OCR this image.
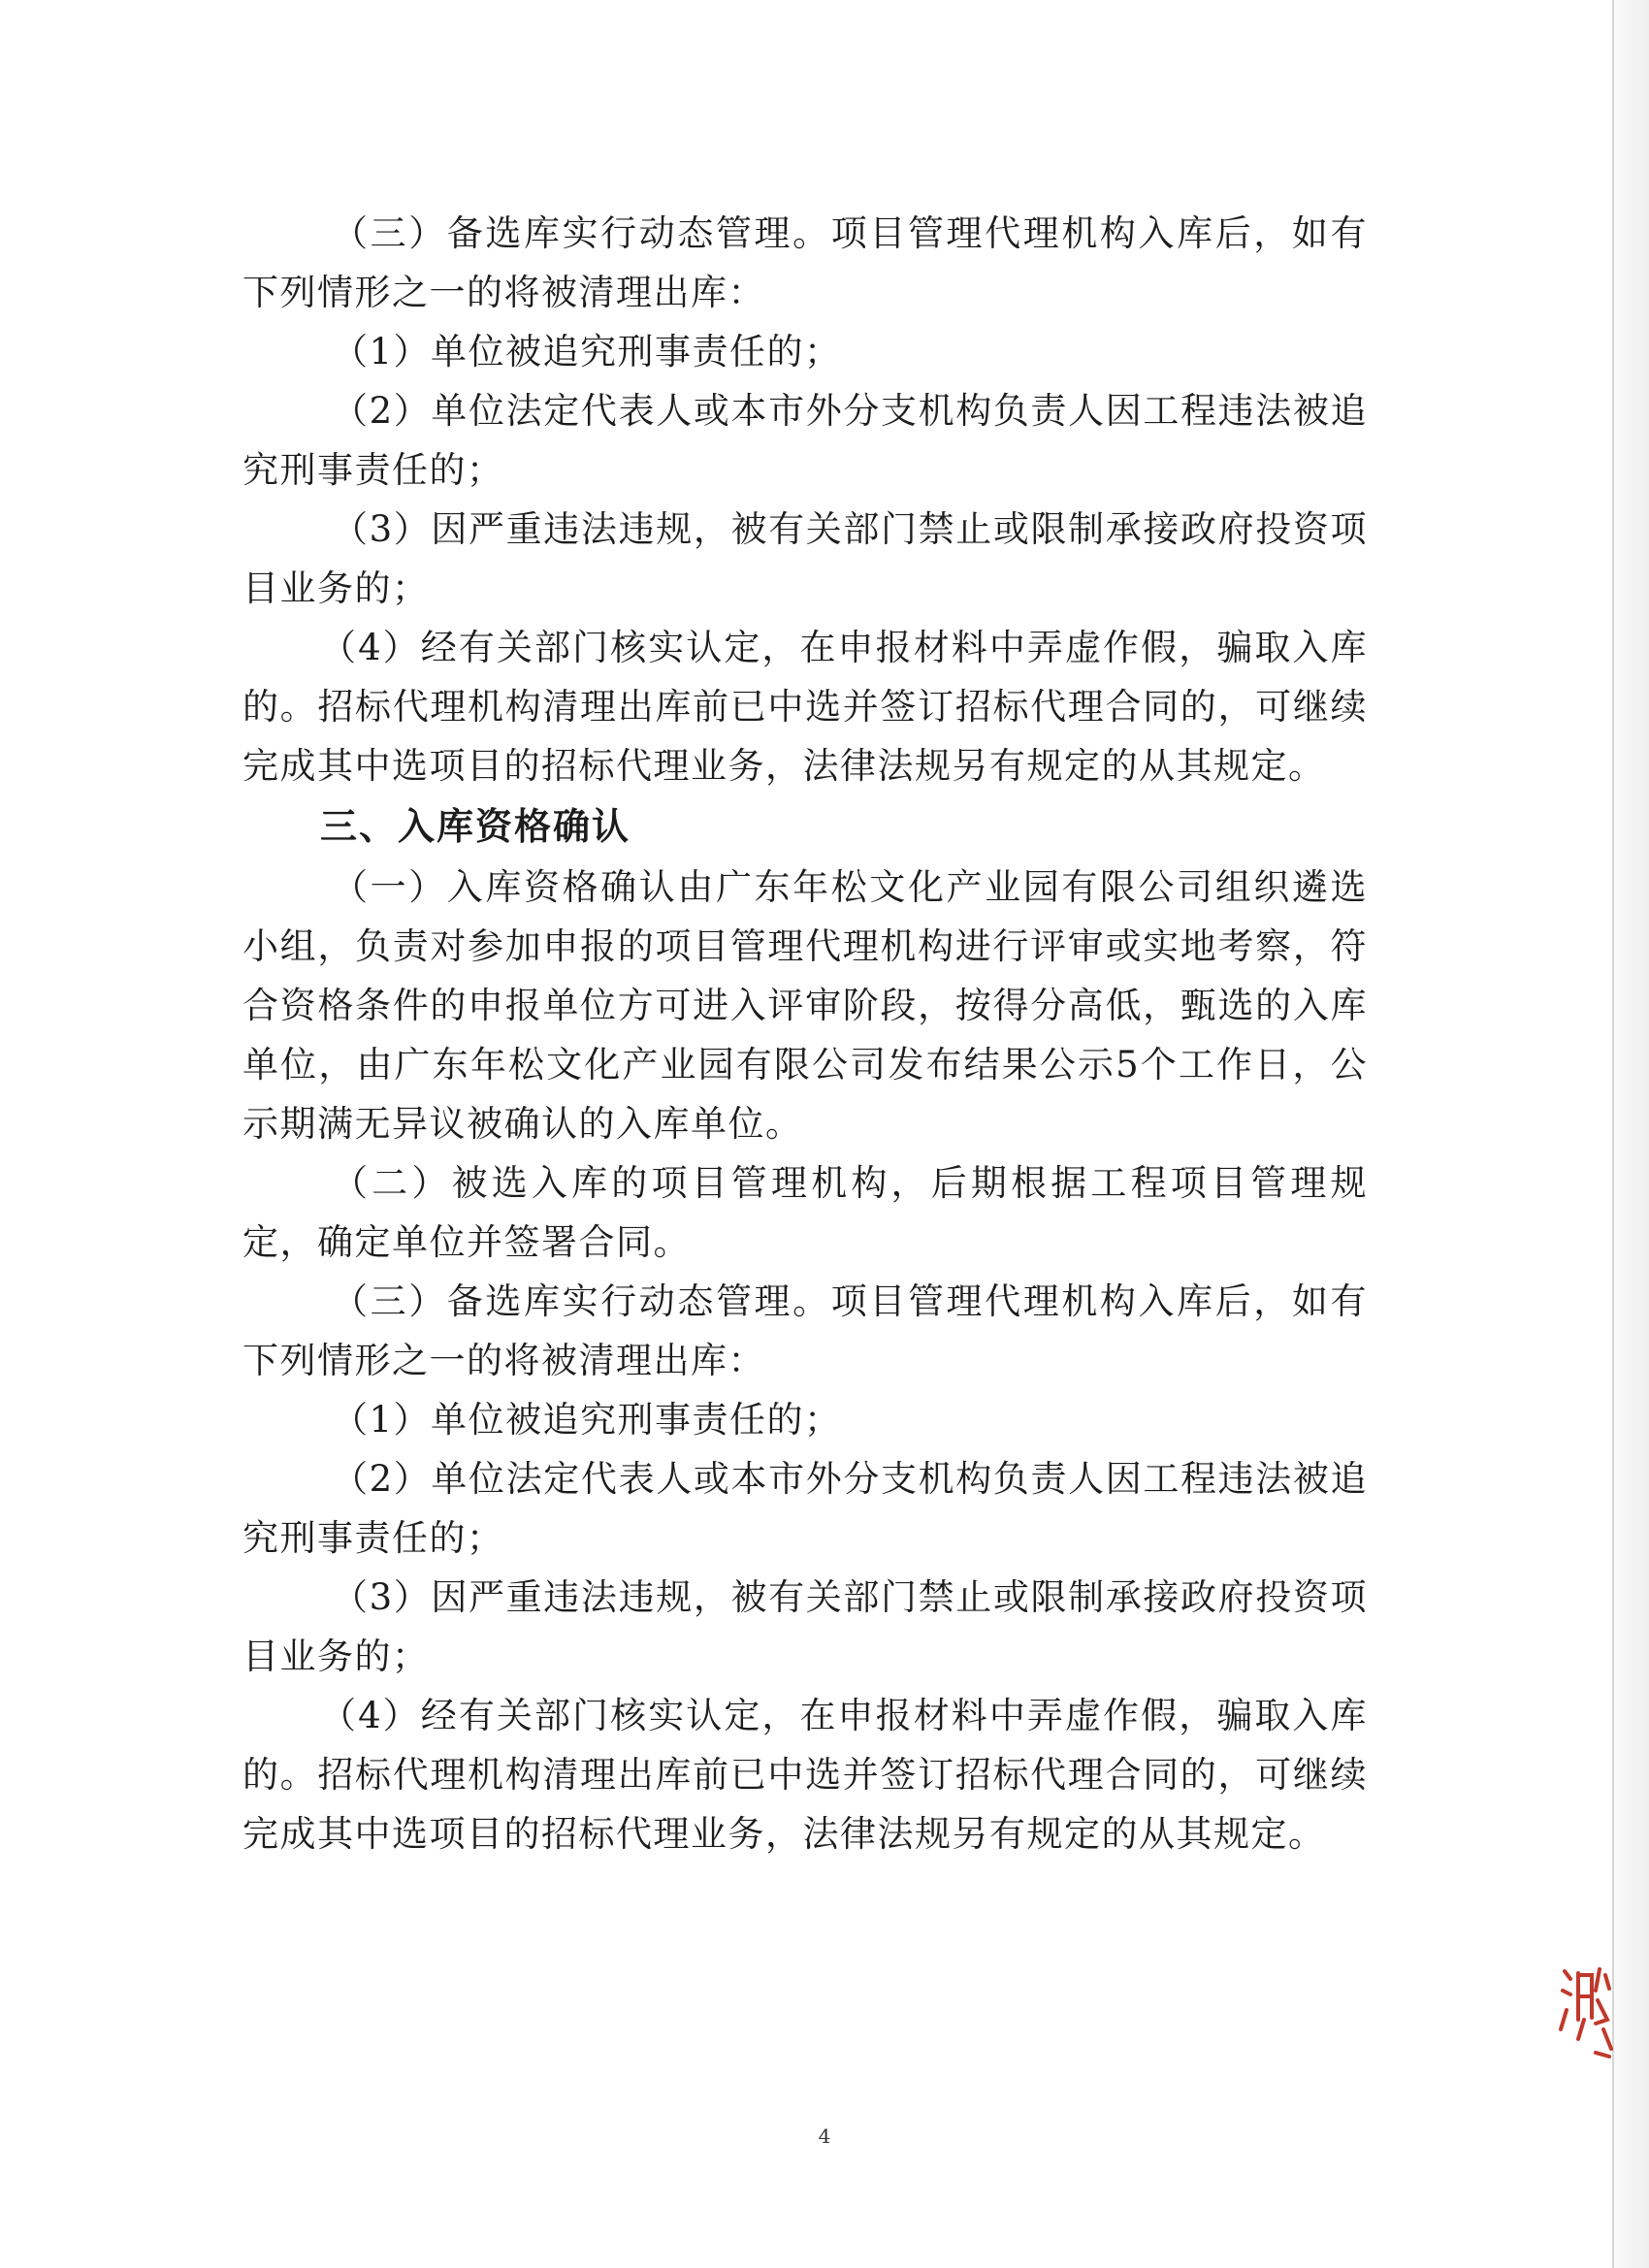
（三）备选库实行动态管理。项目管理代理机构入库后，如有下列情形之一的将被清理出库：

（1）单位被追究刑事责任的；

（2）单位法定代表人或本市外分支机构负责人因工程违法被追究刑事责任的；

（3）因严重违法违规，被有关部门禁止或限制承接政府投资项目业务的；

（4）经有关部门核实认定，在申报材料中弄虚作假，骗取入库的。招标代理机构清理出库前已中选并签订招标代理合同的，可继续完成其中选项目的招标代理业务，法律法规另有规定的从其规定。

三、入库资格确认

（一）入库资格确认由广东年松文化产业园有限公司组织遴选小组，负责对参加申报的项目管理代理机构进行评审或实地考察，符合资格条件的申报单位方可进入评审阶段，按得分高低，甄选的入库单位，由广东年松文化产业园有限公司发布结果公示5个工作日，公示期满无异议被确认的入库单位。

（二）被选入库的项目管理机构，后期根据工程项目管理规定，确定单位并签署合同。

（三）备选库实行动态管理。项目管理代理机构入库后，如有下列情形之一的将被清理出库：

（1）单位被追究刑事责任的；

（2）单位法定代表人或本市外分支机构负责人因工程违法被追究刑事责任的；

（3）因严重违法违规，被有关部门禁止或限制承接政府投资项目业务的；

（4）经有关部门核实认定，在申报材料中弄虚作假，骗取入库的。招标代理机构清理出库前已中选并签订招标代理合同的，可继续完成其中选项目的招标代理业务，法律法规另有规定的从其规定。

4
